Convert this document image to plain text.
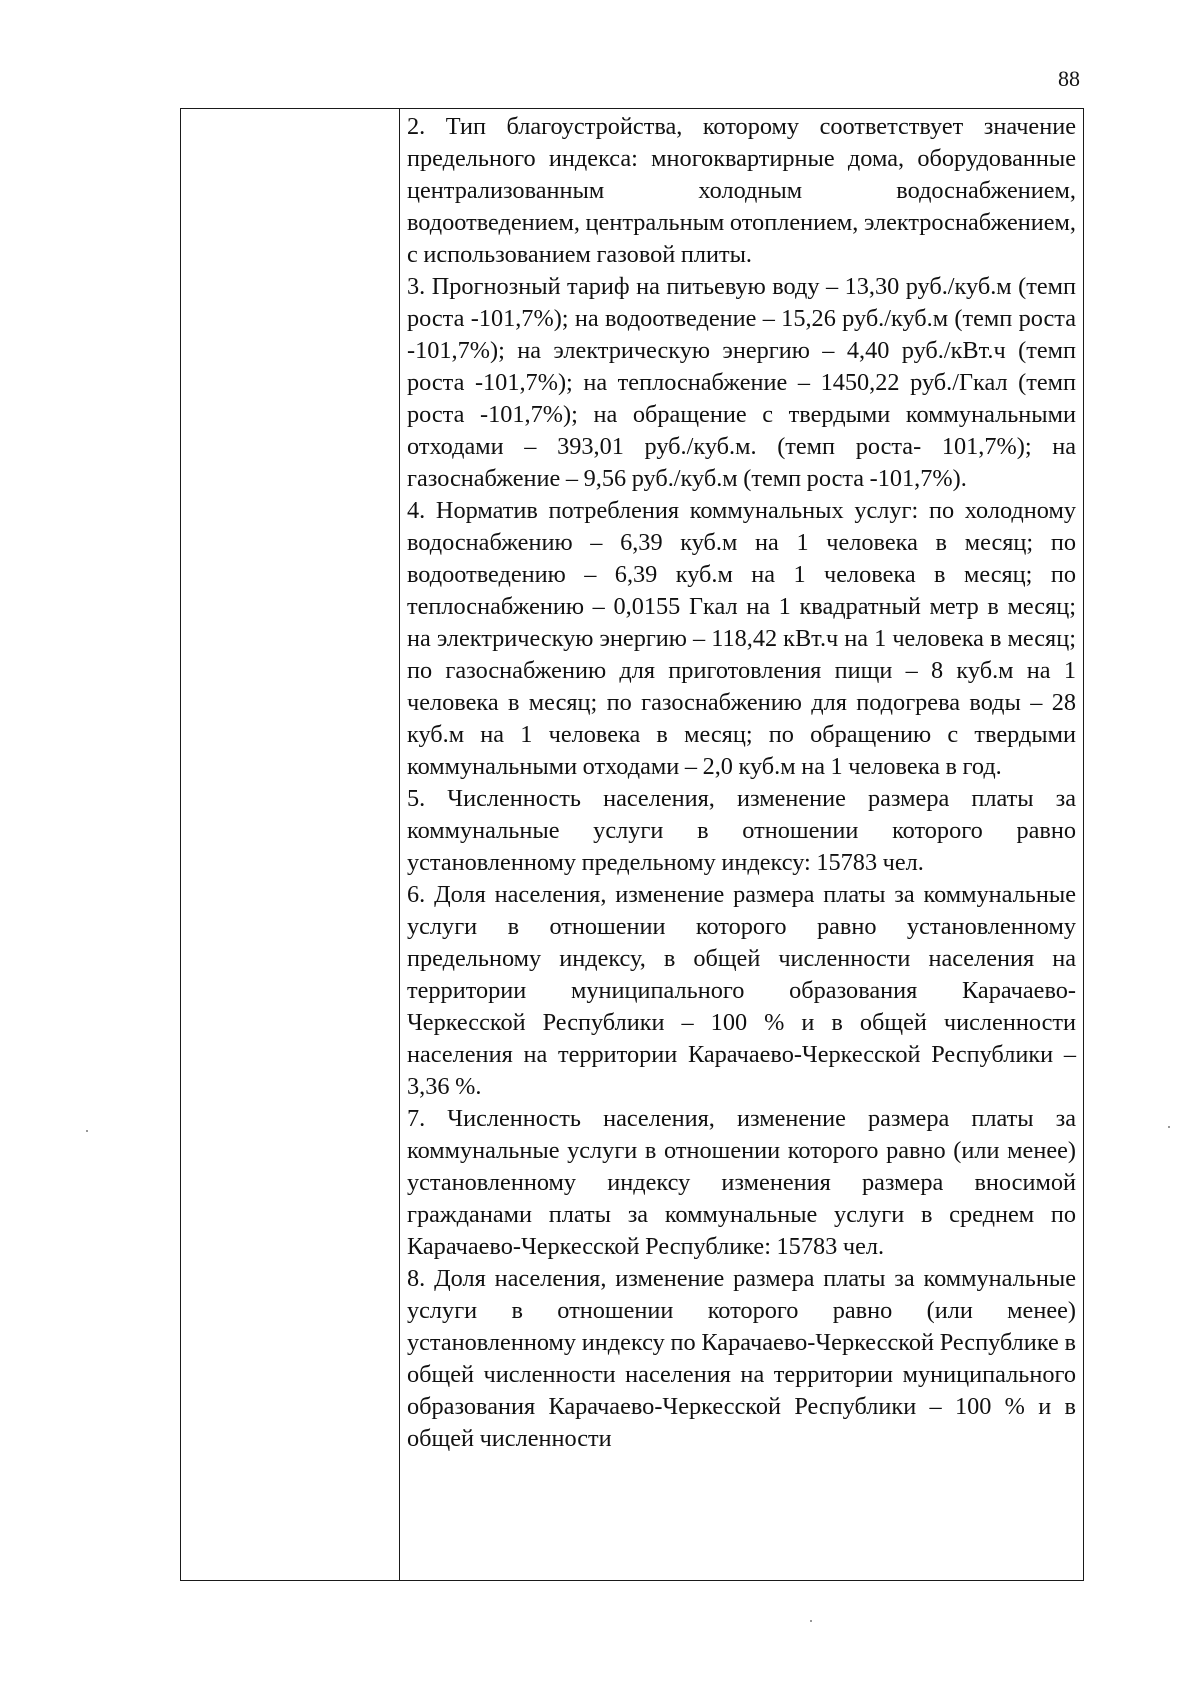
88

2. Тип благоустройства, которому соответствует значение предельного индекса: многоквартирные дома, оборудованные централизованным холодным водоснабжением, водоотведением, центральным отоплением, электроснабжением, с использованием газовой плиты.

3. Прогнозный тариф на питьевую воду – 13,30 руб./куб.м (темп роста -101,7%); на водоотведение – 15,26 руб./куб.м (темп роста -101,7%); на электрическую энергию – 4,40 руб./кВт.ч (темп роста -101,7%); на теплоснабжение – 1450,22 руб./Гкал (темп роста -101,7%); на обращение с твердыми коммунальными отходами – 393,01 руб./куб.м. (темп роста- 101,7%); на газоснабжение – 9,56 руб./куб.м (темп роста -101,7%).

4. Норматив потребления коммунальных услуг: по холодному водоснабжению – 6,39 куб.м на 1 человека в месяц; по водоотведению – 6,39 куб.м на 1 человека в месяц; по теплоснабжению – 0,0155 Гкал на 1 квадратный метр в месяц; на электрическую энергию – 118,42 кВт.ч на 1 человека в месяц; по газоснабжению для приготовления пищи – 8 куб.м на 1 человека в месяц; по газоснабжению для подогрева воды – 28 куб.м на 1 человека в месяц; по обращению с твердыми коммунальными отходами – 2,0 куб.м на 1 человека в год.

5. Численность населения, изменение размера платы за коммунальные услуги в отношении которого равно установленному предельному индексу: 15783 чел.

6. Доля населения, изменение размера платы за коммунальные услуги в отношении которого равно установленному предельному индексу, в общей численности населения на территории муниципального образования Карачаево-Черкесской Республики – 100 % и в общей численности населения на территории Карачаево-Черкесской Республики – 3,36 %.

7. Численность населения, изменение размера платы за коммунальные услуги в отношении которого равно (или менее) установленному индексу изменения размера вносимой гражданами платы за коммунальные услуги в среднем по Карачаево-Черкесской Республике: 15783 чел.

8. Доля населения, изменение размера платы за коммунальные услуги в отношении которого равно (или менее) установленному индексу по Карачаево-Черкесской Республике в общей численности населения на территории муниципального образования Карачаево-Черкесской Республики – 100 % и в общей численности
